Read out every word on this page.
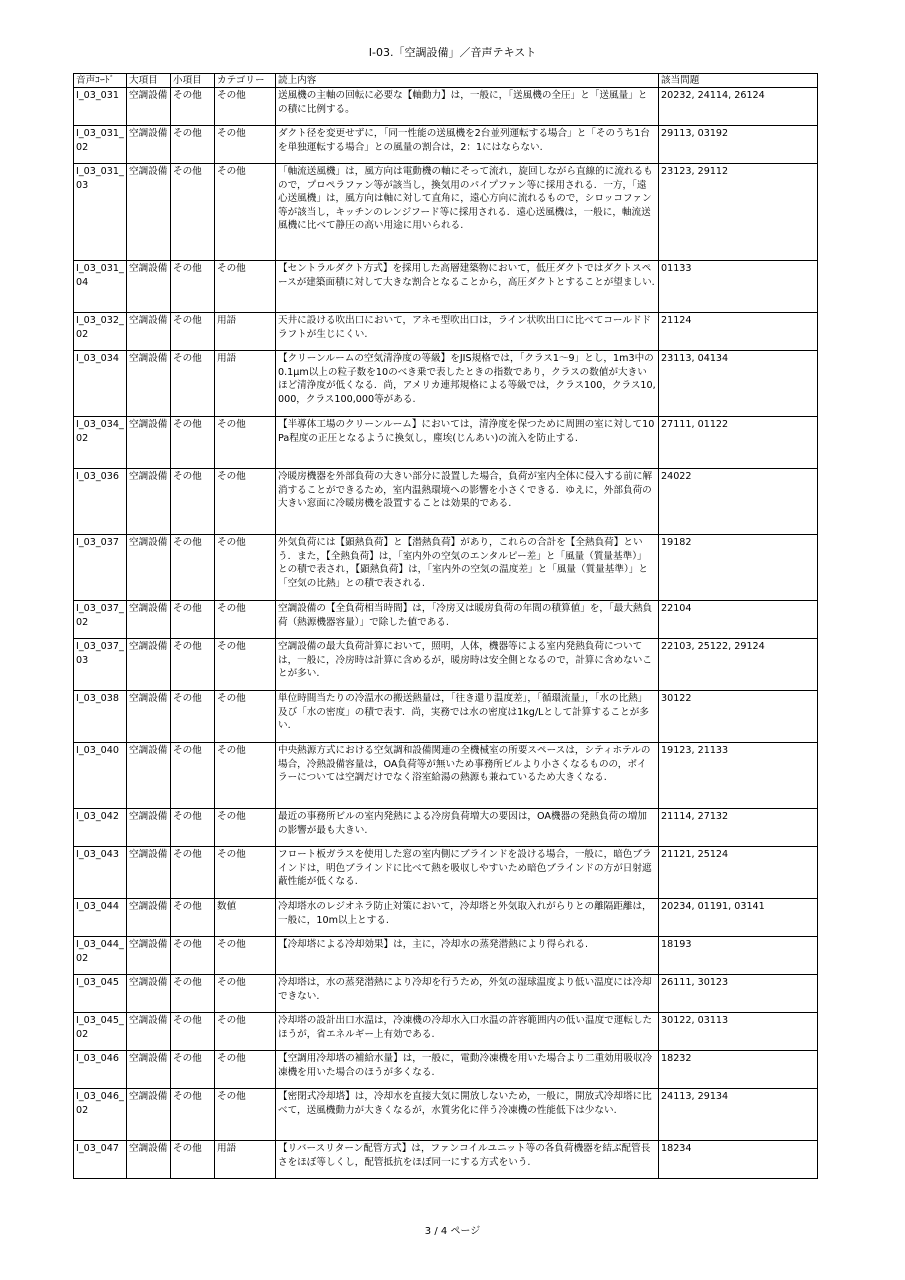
I-03.「空調設備」／音声テキスト
音声ｺｰﾄﾞ	大項目	小項目	カテゴリー	読上内容	該当問題
I_03_031	空調設備	その他	その他	送風機の主軸の回転に必要な【軸動力】は，一般に，「送風機の全圧」と「送風量」との積に比例する。	20232, 24114, 26124
I_03_031_02	空調設備	その他	その他	ダクト径を変更せずに，「同一性能の送風機を2台並列運転する場合」と「そのうち1台を単独運転する場合」との風量の割合は，2：1にはならない.	29113, 03192
I_03_031_03	空調設備	その他	その他	「軸流送風機」は，風方向は電動機の軸にそって流れ，旋回しながら直線的に流れるもので，プロペラファン等が該当し，換気用のパイプファン等に採用される．一方，「遠心送風機」は，風方向は軸に対して直角に，遠心方向に流れるもので，シロッコファン等が該当し，キッチンのレンジフード等に採用される．遠心送風機は，一般に，軸流送風機に比べて静圧の高い用途に用いられる.	23123, 29112
I_03_031_04	空調設備	その他	その他	【セントラルダクト方式】を採用した高層建築物において，低圧ダクトではダクトスペースが建築面積に対して大きな割合となることから，高圧ダクトとすることが望ましい.	01133
I_03_032_02	空調設備	その他	用語	天井に設ける吹出口において，アネモ型吹出口は，ライン状吹出口に比べてコールドドラフトが生じにくい.	21124
I_03_034	空調設備	その他	用語	【クリーンルームの空気清浄度の等級】をJIS規格では，「クラス1～9」とし，1m3中の0.1μm以上の粒子数を10のべき乗で表したときの指数であり，クラスの数値が大きいほど清浄度が低くなる．尚，アメリカ連邦規格による等級では，クラス100，クラス10,000，クラス100,000等がある.	23113, 04134
I_03_034_02	空調設備	その他	その他	【半導体工場のクリーンルーム】においては，清浄度を保つために周囲の室に対して10Pa程度の正圧となるように換気し，塵埃(じんあい)の流入を防止する.	27111, 01122
I_03_036	空調設備	その他	その他	冷暖房機器を外部負荷の大きい部分に設置した場合，負荷が室内全体に侵入する前に解消することができるため，室内温熱環境への影響を小さくできる．ゆえに，外部負荷の大きい窓面に冷暖房機を設置することは効果的である.	24022
I_03_037	空調設備	その他	その他	外気負荷には【顕熱負荷】と【潜熱負荷】があり，これらの合計を【全熱負荷】という．また，【全熱負荷】は，「室内外の空気のエンタルピー差」と「風量（質量基準）」との積で表され，【顕熱負荷】は，「室内外の空気の温度差」と「風量（質量基準）」と「空気の比熱」との積で表される.	19182
I_03_037_02	空調設備	その他	その他	空調設備の【全負荷相当時間】は，「冷房又は暖房負荷の年間の積算値」を，「最大熱負荷（熱源機器容量）」で除した値である.	22104
I_03_037_03	空調設備	その他	その他	空調設備の最大負荷計算において，照明，人体，機器等による室内発熱負荷については，一般に，冷房時は計算に含めるが，暖房時は安全側となるので，計算に含めないことが多い.	22103, 25122, 29124
I_03_038	空調設備	その他	その他	単位時間当たりの冷温水の搬送熱量は，「往き還り温度差」，「循環流量」，「水の比熱」及び「水の密度」の積で表す．尚，実務では水の密度は1kg/Lとして計算することが多い.	30122
I_03_040	空調設備	その他	その他	中央熱源方式における空気調和設備関連の全機械室の所要スペースは，シティホテルの場合，冷熱設備容量は，OA負荷等が無いため事務所ビルより小さくなるものの，ボイラーについては空調だけでなく浴室給湯の熱源も兼ねているため大きくなる.	19123, 21133
I_03_042	空調設備	その他	その他	最近の事務所ビルの室内発熱による冷房負荷増大の要因は，OA機器の発熱負荷の増加の影響が最も大きい.	21114, 27132
I_03_043	空調設備	その他	その他	フロート板ガラスを使用した窓の室内側にブラインドを設ける場合，一般に，暗色ブラインドは，明色ブラインドに比べて熱を吸収しやすいため暗色ブラインドの方が日射遮蔽性能が低くなる.	21121, 25124
I_03_044	空調設備	その他	数値	冷却塔水のレジオネラ防止対策において，冷却塔と外気取入れがらりとの離隔距離は，一般に，10m以上とする.	20234, 01191, 03141
I_03_044_02	空調設備	その他	その他	【冷却塔による冷却効果】は，主に，冷却水の蒸発潜熱により得られる.	18193
I_03_045	空調設備	その他	その他	冷却塔は，水の蒸発潜熱により冷却を行うため，外気の湿球温度より低い温度には冷却できない.	26111, 30123
I_03_045_02	空調設備	その他	その他	冷却塔の設計出口水温は，冷凍機の冷却水入口水温の許容範囲内の低い温度で運転したほうが，省エネルギー上有効である.	30122, 03113
I_03_046	空調設備	その他	その他	【空調用冷却塔の補給水量】は，一般に，電動冷凍機を用いた場合より二重効用吸収冷凍機を用いた場合のほうが多くなる.	18232
I_03_046_02	空調設備	その他	その他	【密閉式冷却塔】は，冷却水を直接大気に開放しないため，一般に，開放式冷却塔に比べて，送風機動力が大きくなるが，水質劣化に伴う冷凍機の性能低下は少ない.	24113, 29134
I_03_047	空調設備	その他	用語	【リバースリターン配管方式】は，ファンコイルユニット等の各負荷機器を結ぶ配管長さをほぼ等しくし，配管抵抗をほぼ同一にする方式をいう.	18234
3 / 4 ページ
